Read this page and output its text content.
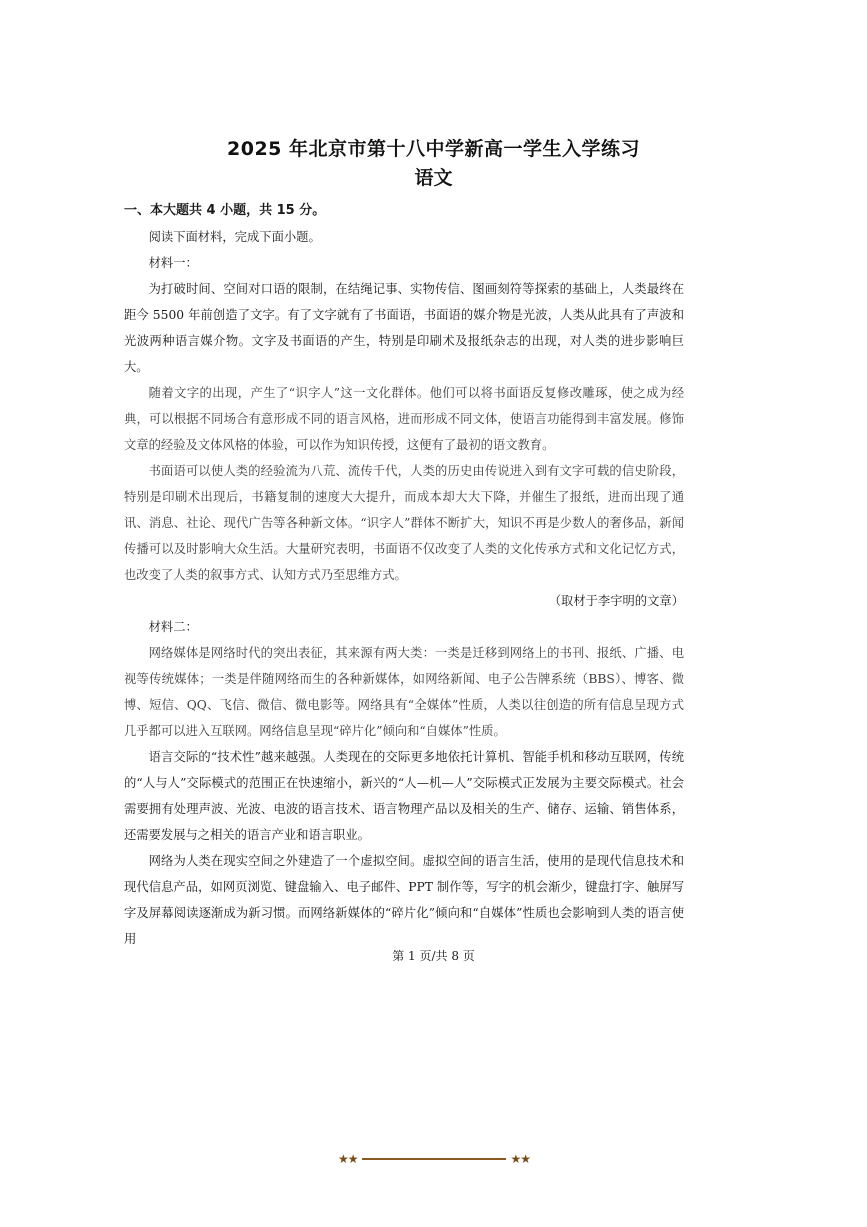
2025 年北京市第十八中学新高一学生入学练习
语文
一、本大题共 4 小题，共 15 分。

阅读下面材料，完成下面小题。

材料一：

为打破时间、空间对口语的限制，在结绳记事、实物传信、图画刻符等探索的基础上，人类最终在距今 5500 年前创造了文字。有了文字就有了书面语，书面语的媒介物是光波，人类从此具有了声波和光波两种语言媒介物。文字及书面语的产生，特别是印刷术及报纸杂志的出现，对人类的进步影响巨大。

随着文字的出现，产生了“识字人”这一文化群体。他们可以将书面语反复修改雕琢，使之成为经典，可以根据不同场合有意形成不同的语言风格，进而形成不同文体，使语言功能得到丰富发展。修饰文章的经验及文体风格的体验，可以作为知识传授，这便有了最初的语文教育。

书面语可以使人类的经验流为八荒、流传千代，人类的历史由传说进入到有文字可载的信史阶段，特别是印刷术出现后，书籍复制的速度大大提升，而成本却大大下降，并催生了报纸，进而出现了通讯、消息、社论、现代广告等各种新文体。“识字人”群体不断扩大，知识不再是少数人的奢侈品，新闻传播可以及时影响大众生活。大量研究表明，书面语不仅改变了人类的文化传承方式和文化记忆方式，也改变了人类的叙事方式、认知方式乃至思维方式。

（取材于李宇明的文章）

材料二：

网络媒体是网络时代的突出表征，其来源有两大类：一类是迁移到网络上的书刊、报纸、广播、电视等传统媒体；一类是伴随网络而生的各种新媒体，如网络新闻、电子公告牌系统（BBS）、博客、微博、短信、QQ、飞信、微信、微电影等。网络具有“全媒体”性质，人类以往创造的所有信息呈现方式几乎都可以进入互联网。网络信息呈现“碎片化”倾向和“自媒体”性质。

语言交际的“技术性”越来越强。人类现在的交际更多地依托计算机、智能手机和移动互联网，传统的“人与人”交际模式的范围正在快速缩小，新兴的“人—机—人”交际模式正发展为主要交际模式。社会需要拥有处理声波、光波、电波的语言技术、语言物理产品以及相关的生产、储存、运输、销售体系，还需要发展与之相关的语言产业和语言职业。

网络为人类在现实空间之外建造了一个虚拟空间。虚拟空间的语言生活，使用的是现代信息技术和现代信息产品，如网页浏览、键盘输入、电子邮件、PPT 制作等，写字的机会渐少，键盘打字、触屏写字及屏幕阅读逐渐成为新习惯。而网络新媒体的“碎片化”倾向和“自媒体”性质也会影响到人类的语言使用

第 1 页/共 8 页
★★	★★
